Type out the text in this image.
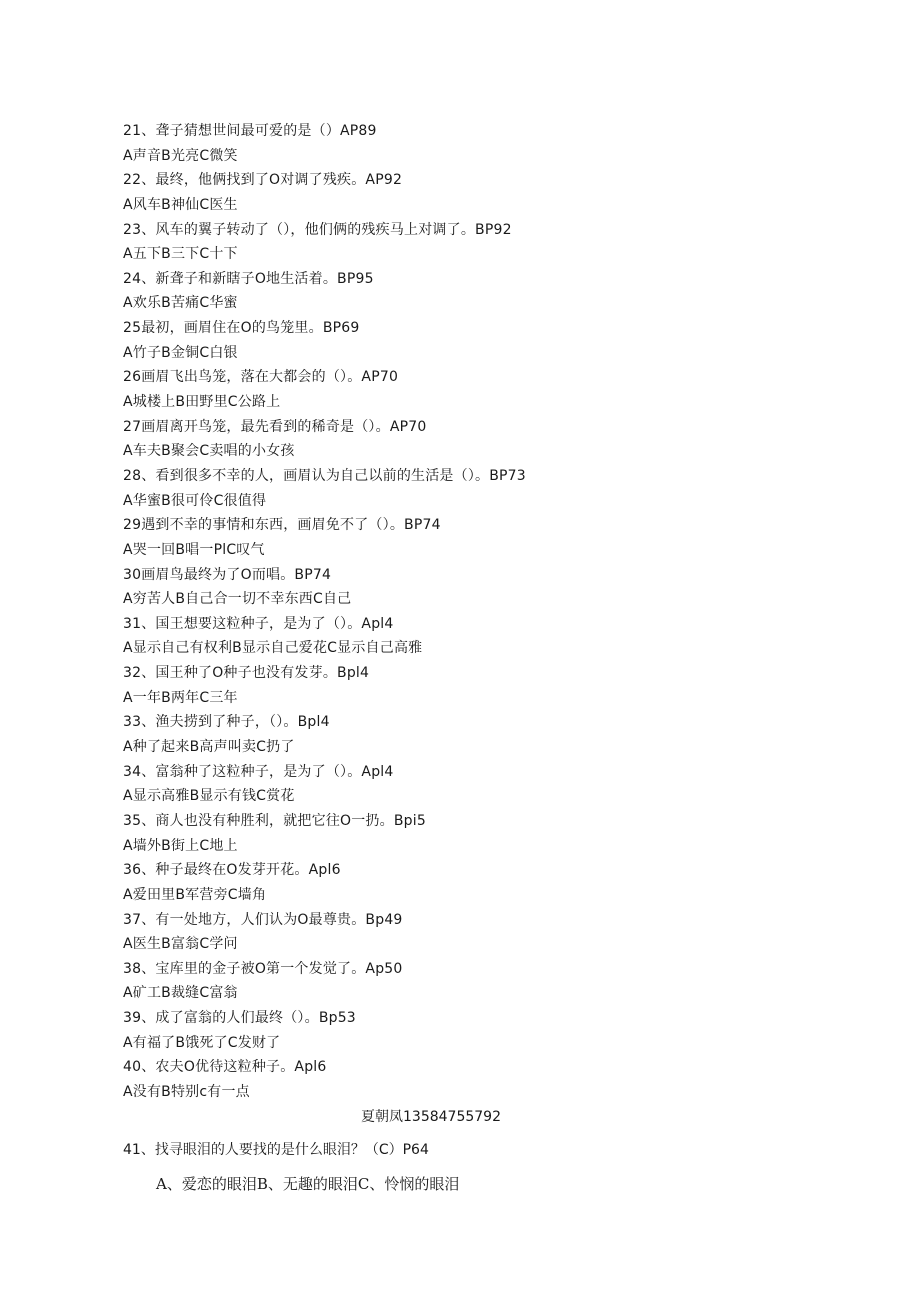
21、聋子猜想世间最可爱的是（）AP89
A声音B光亮C微笑
22、最终，他俩找到了O对调了残疾。AP92
A风车B神仙C医生
23、风车的翼子转动了（），他们俩的残疾马上对调了。BP92
A五下B三下C十下
24、新聋子和新瞎子O地生活着。BP95
A欢乐B苦痛C华蜜
25最初，画眉住在O的鸟笼里。BP69
A竹子B金铜C白银
26画眉飞出鸟笼，落在大都会的（）。AP70
A城楼上B田野里C公路上
27画眉离开鸟笼，最先看到的稀奇是（）。AP70
A车夫B聚会C卖唱的小女孩
28、看到很多不幸的人，画眉认为自己以前的生活是（）。BP73
A华蜜B很可伶C很值得
29遇到不幸的事情和东西，画眉免不了（）。BP74
A哭一回B唱一PlC叹气
30画眉鸟最终为了O而唱。BP74
A穷苦人B自己合一切不幸东西C自己
31、国王想要这粒种子，是为了（）。Apl4
A显示自己有权利B显示自己爱花C显示自己高雅
32、国王种了O种子也没有发芽。Bpl4
A一年B两年C三年
33、渔夫捞到了种子，（）。Bpl4
A种了起来B高声叫卖C扔了
34、富翁种了这粒种子，是为了（）。Apl4
A显示高雅B显示有钱C赏花
35、商人也没有种胜利，就把它往O一扔。Bpi5
A墙外B街上C地上
36、种子最终在O发芽开花。Apl6
A爱田里B军营旁C墙角
37、有一处地方，人们认为O最尊贵。Bp49
A医生B富翁C学问
38、宝库里的金子被O第一个发觉了。Ap50
A矿工B裁缝C富翁
39、成了富翁的人们最终（）。Bp53
A有福了B饿死了C发财了
40、农夫O优待这粒种子。Apl6
A没有B特别c有一点
夏朝凤13584755792
41、找寻眼泪的人要找的是什么眼泪？（C）P64
A、爱恋的眼泪B、无趣的眼泪C、怜悯的眼泪
